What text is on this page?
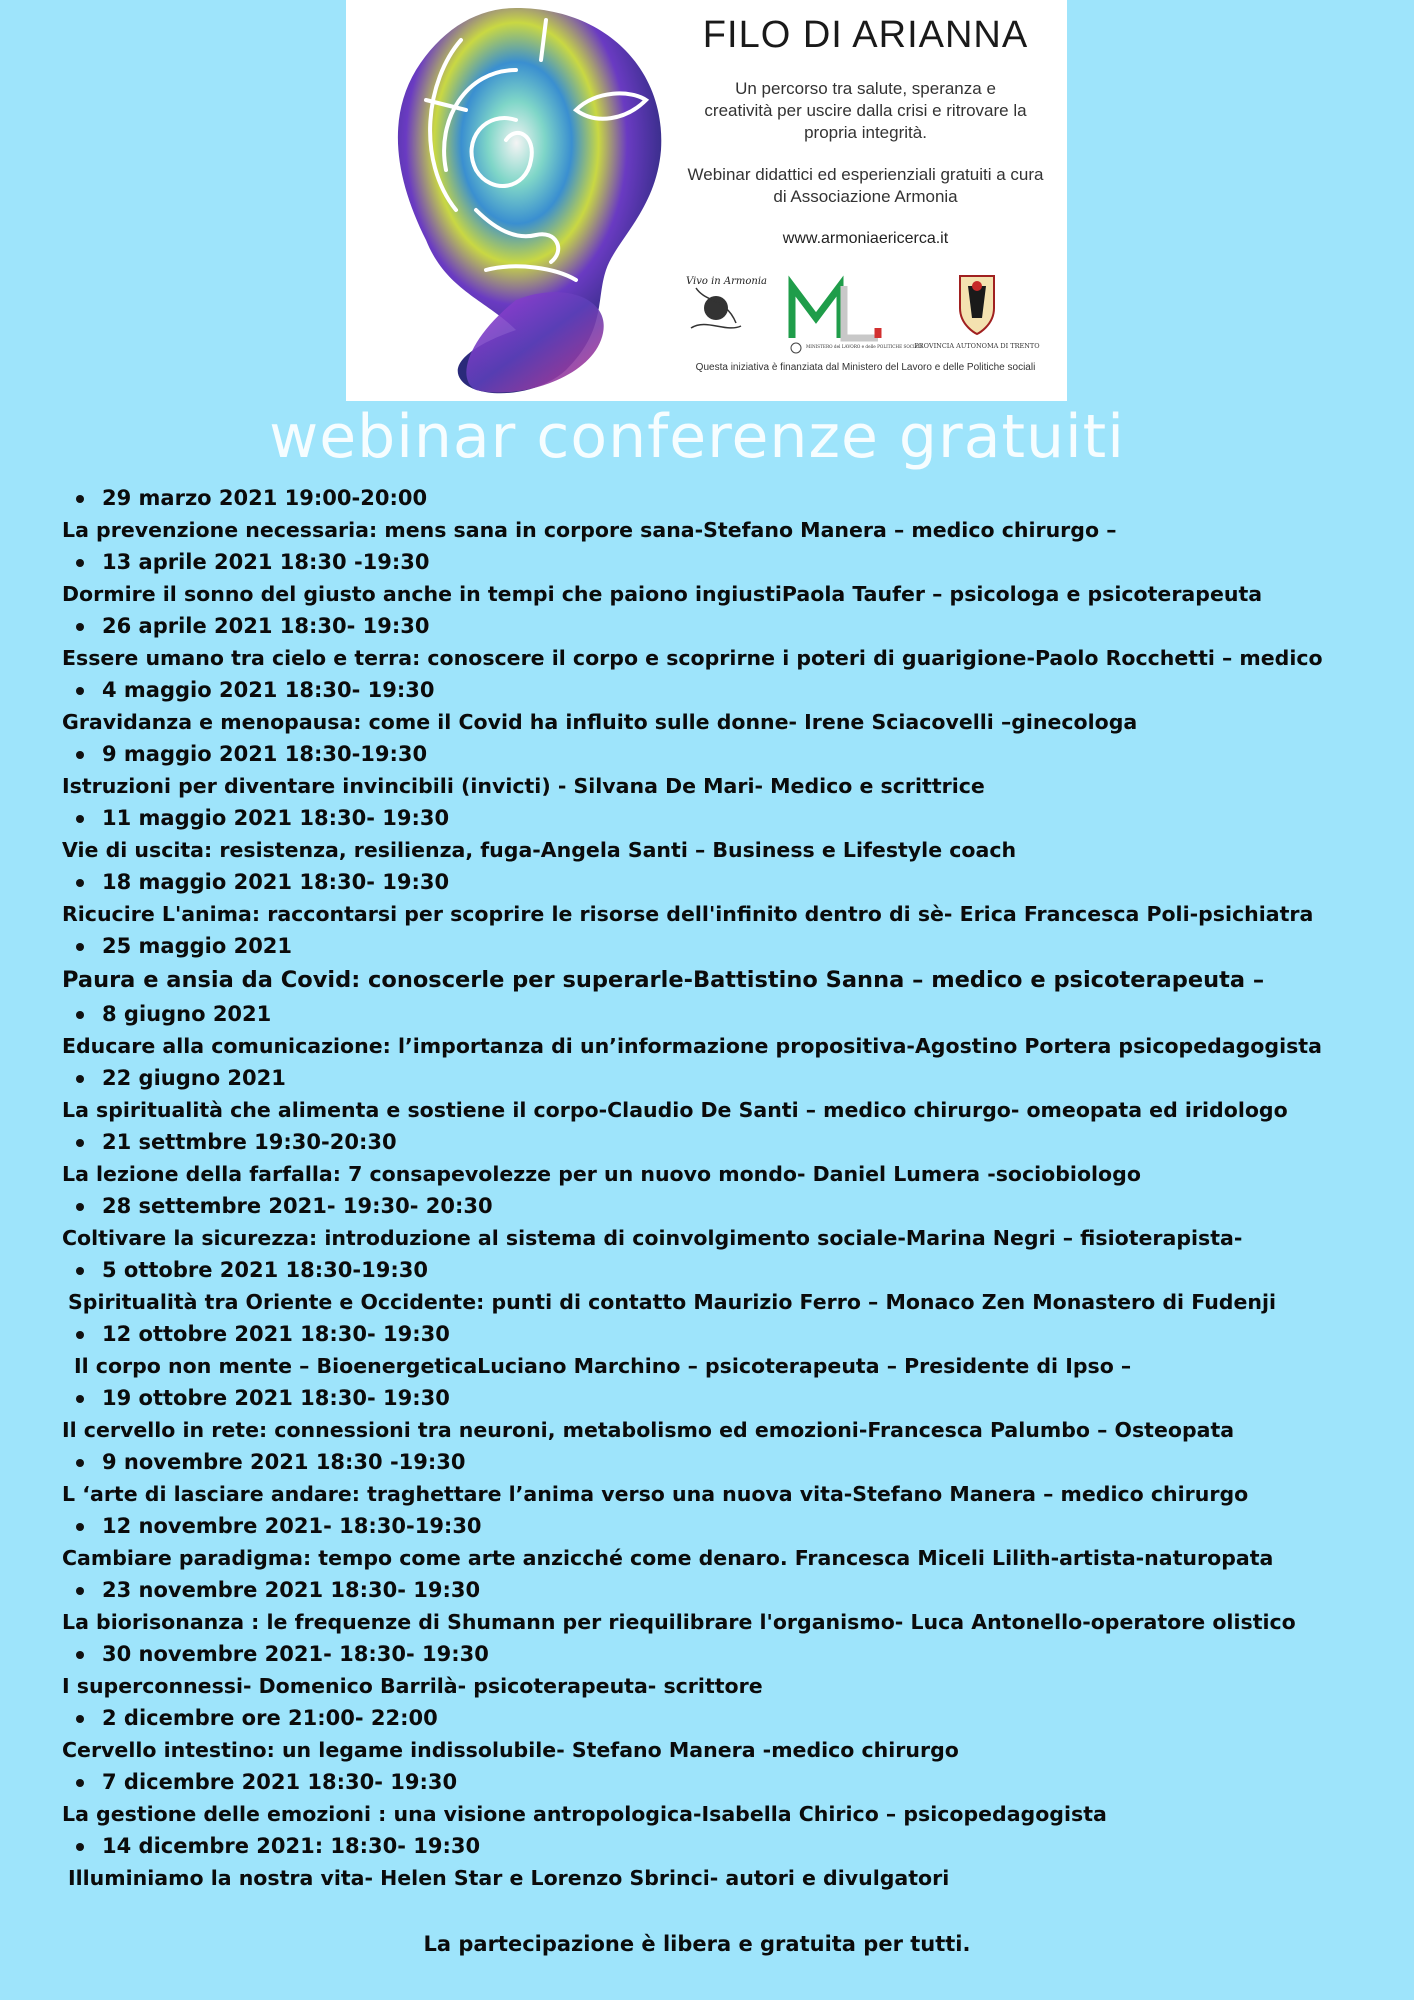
FILO DI ARIANNA
Un percorso tra salute, speranza e creatività per uscire dalla crisi e ritrovare la propria integrità.
Webinar didattici ed esperienziali gratuiti a cura di Associazione Armonia
www.armoniaericerca.it
Vivo in Armonia
MINISTERO del LAVORO e delle POLITICHE SOCIALI
PROVINCIA AUTONOMA DI TRENTO
Questa iniziativa è finanziata dal Ministero del Lavoro e delle Politiche sociali
webinar conferenze gratuiti
29 marzo 2021 19:00-20:00
La prevenzione necessaria: mens sana in corpore sana-Stefano Manera – medico chirurgo –
13 aprile 2021 18:30 -19:30
Dormire il sonno del giusto anche in tempi che paiono ingiustiPaola Taufer – psicologa e psicoterapeuta
26 aprile 2021 18:30- 19:30
Essere umano tra cielo e terra: conoscere il corpo e scoprirne i poteri di guarigione-Paolo Rocchetti – medico
4 maggio 2021 18:30- 19:30
Gravidanza e menopausa: come il Covid ha influito sulle donne- Irene Sciacovelli –ginecologa
9 maggio 2021 18:30-19:30
Istruzioni per diventare invincibili (invicti) - Silvana De Mari- Medico e scrittrice
11 maggio 2021 18:30- 19:30
Vie di uscita: resistenza, resilienza, fuga-Angela Santi – Business e Lifestyle coach
18 maggio 2021 18:30- 19:30
Ricucire L'anima: raccontarsi per scoprire le risorse dell'infinito dentro di sè- Erica Francesca Poli-psichiatra
25 maggio 2021
Paura e ansia da Covid: conoscerle per superarle-Battistino Sanna – medico e psicoterapeuta –
8 giugno 2021
Educare alla comunicazione: l’importanza di un’informazione propositiva-Agostino Portera psicopedagogista
22 giugno 2021
La spiritualità che alimenta e sostiene il corpo-Claudio De Santi – medico chirurgo- omeopata ed iridologo
21 settmbre 19:30-20:30
La lezione della farfalla: 7 consapevolezze per un nuovo mondo- Daniel Lumera -sociobiologo
28 settembre 2021- 19:30- 20:30
Coltivare la sicurezza: introduzione al sistema di coinvolgimento sociale-Marina Negri – fisioterapista-
5 ottobre 2021 18:30-19:30
Spiritualità tra Oriente e Occidente: punti di contatto Maurizio Ferro – Monaco Zen Monastero di Fudenji
12 ottobre 2021 18:30- 19:30
Il corpo non mente – BioenergeticaLuciano Marchino – psicoterapeuta – Presidente di Ipso –
19 ottobre 2021 18:30- 19:30
Il cervello in rete: connessioni tra neuroni, metabolismo ed emozioni-Francesca Palumbo – Osteopata
9 novembre 2021 18:30 -19:30
L ‘arte di lasciare andare: traghettare l’anima verso una nuova vita-Stefano Manera – medico chirurgo
12 novembre 2021- 18:30-19:30
Cambiare paradigma: tempo come arte anzicché come denaro. Francesca Miceli Lilith-artista-naturopata
23 novembre 2021 18:30- 19:30
La biorisonanza : le frequenze di Shumann per riequilibrare l'organismo- Luca Antonello-operatore olistico
30 novembre 2021- 18:30- 19:30
I superconnessi- Domenico Barrilà- psicoterapeuta- scrittore
2 dicembre ore 21:00- 22:00
Cervello intestino: un legame indissolubile- Stefano Manera -medico chirurgo
7 dicembre 2021 18:30- 19:30
La gestione delle emozioni : una visione antropologica-Isabella Chirico – psicopedagogista
14 dicembre 2021: 18:30- 19:30
Illuminiamo la nostra vita- Helen Star e Lorenzo Sbrinci- autori e divulgatori
La partecipazione è libera e gratuita per tutti.
